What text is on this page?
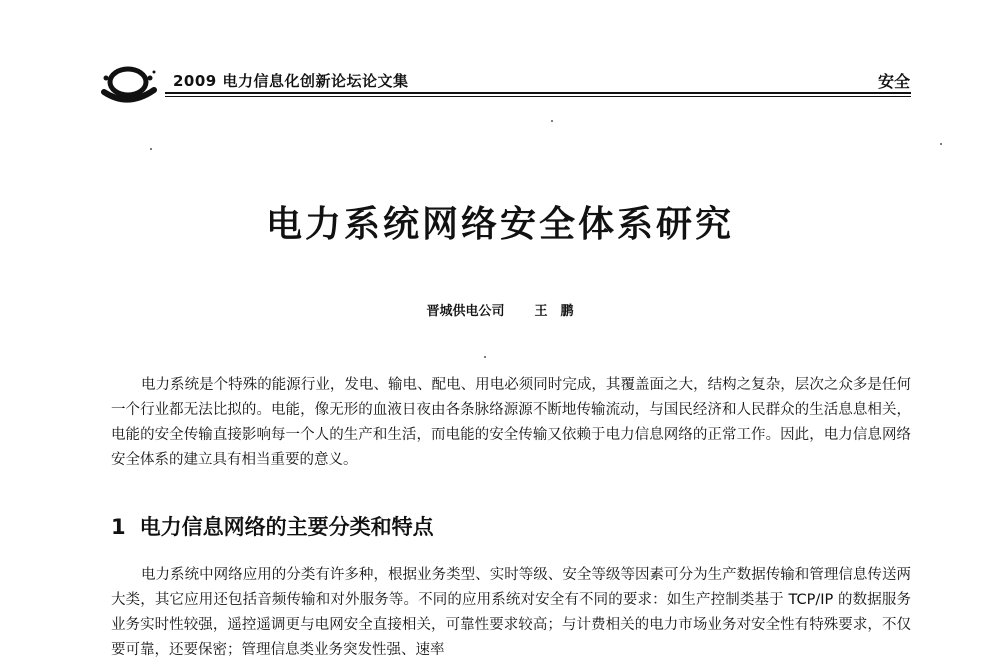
2009 电力信息化创新论坛论文集	安全
电力系统网络安全体系研究
晋城供电公司 王　鹏

电力系统是个特殊的能源行业，发电、输电、配电、用电必须同时完成，其覆盖面之大，结构之复杂，层次之众多是任何一个行业都无法比拟的。电能，像无形的血液日夜由各条脉络源源不断地传输流动，与国民经济和人民群众的生活息息相关，电能的安全传输直接影响每一个人的生产和生活，而电能的安全传输又依赖于电力信息网络的正常工作。因此，电力信息网络安全体系的建立具有相当重要的意义。

1 电力信息网络的主要分类和特点

电力系统中网络应用的分类有许多种，根据业务类型、实时等级、安全等级等因素可分为生产数据传输和管理信息传送两大类，其它应用还包括音频传输和对外服务等。不同的应用系统对安全有不同的要求：如生产控制类基于 TCP/IP 的数据服务业务实时性较强，遥控遥调更与电网安全直接相关，可靠性要求较高；与计费相关的电力市场业务对安全性有特殊要求，不仅要可靠，还要保密；管理信息类业务突发性强、速率
